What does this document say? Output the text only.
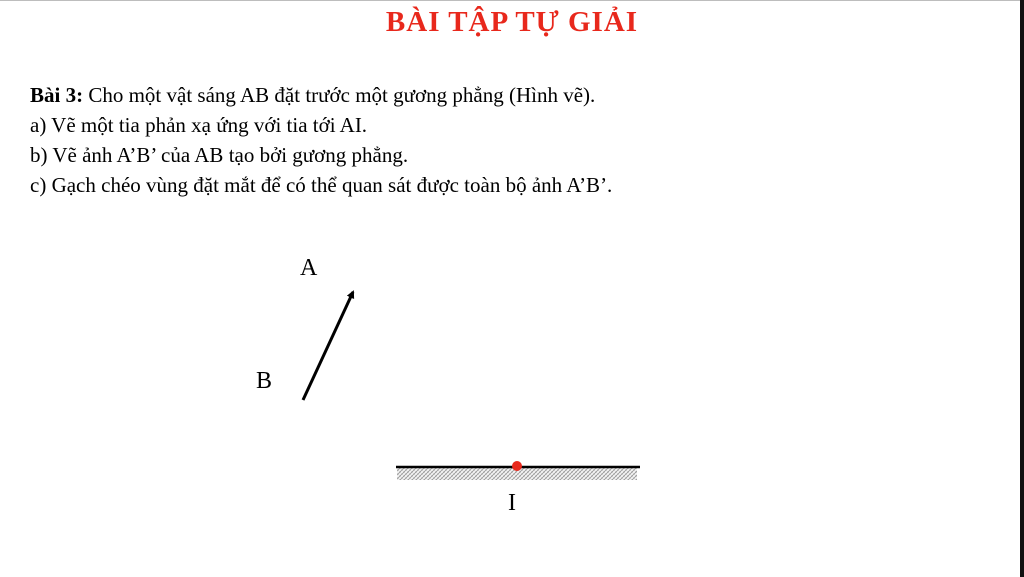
BÀI TẬP TỰ GIẢI

Bài 3: Cho một vật sáng AB đặt trước một gương phẳng (Hình vẽ).

a) Vẽ một tia phản xạ ứng với tia tới AI.

b) Vẽ ảnh A’B’ của AB tạo bởi gương phẳng.

c) Gạch chéo vùng đặt mắt để có thể quan sát được toàn bộ ảnh A’B’.

A
B
I
